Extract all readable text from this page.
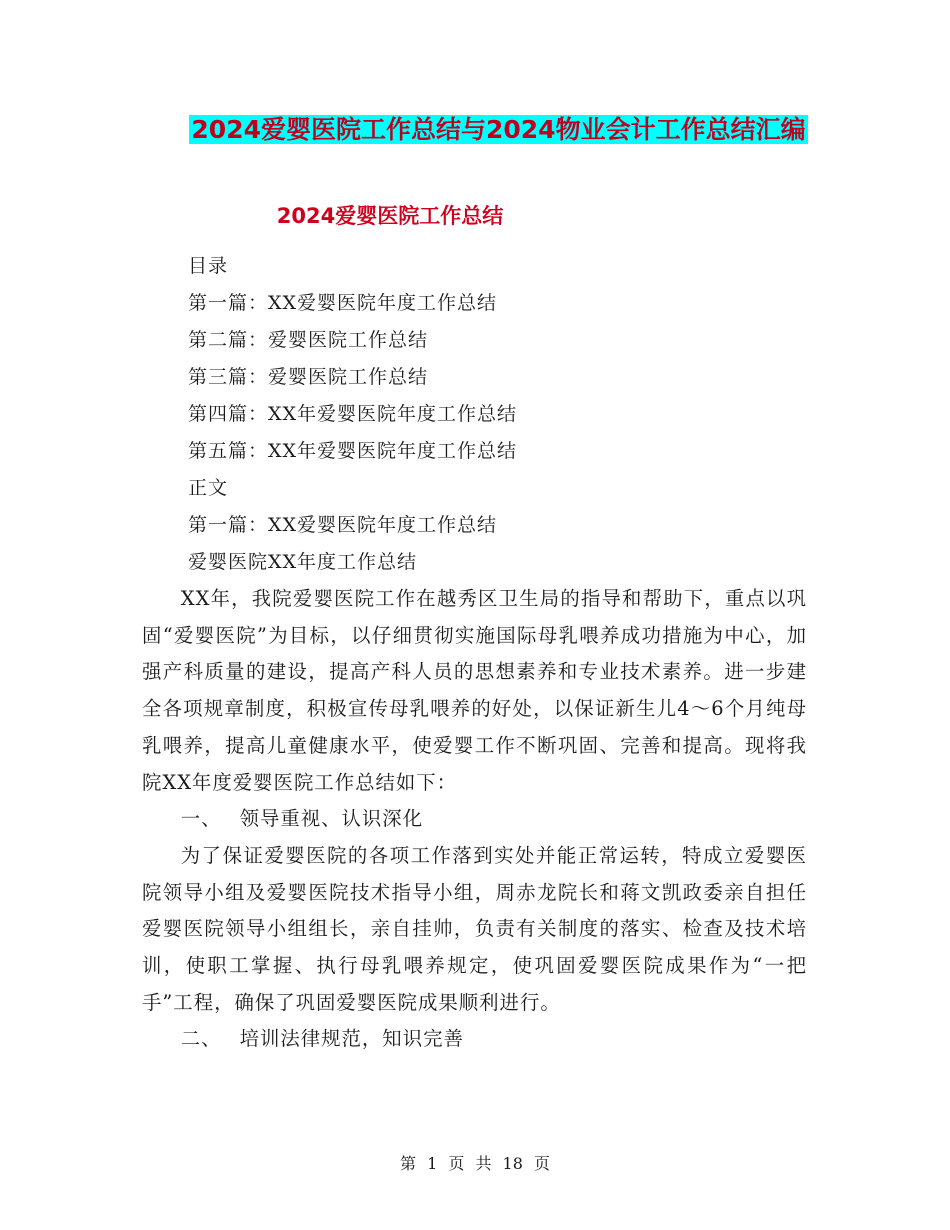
2024爱婴医院工作总结与2024物业会计工作总结汇编
2024爱婴医院工作总结
目录
第一篇：XX爱婴医院年度工作总结
第二篇：爱婴医院工作总结
第三篇：爱婴医院工作总结
第四篇：XX年爱婴医院年度工作总结
第五篇：XX年爱婴医院年度工作总结
正文
第一篇：XX爱婴医院年度工作总结
爱婴医院XX年度工作总结

XX年，我院爱婴医院工作在越秀区卫生局的指导和帮助下，重点以巩固“爱婴医院”为目标，以仔细贯彻实施国际母乳喂养成功措施为中心，加强产科质量的建设，提高产科人员的思想素养和专业技术素养。进一步建全各项规章制度，积极宣传母乳喂养的好处，以保证新生儿4～6个月纯母乳喂养，提高儿童健康水平，使爱婴工作不断巩固、完善和提高。现将我院XX年度爱婴医院工作总结如下：

一、 领导重视、认识深化

为了保证爱婴医院的各项工作落到实处并能正常运转，特成立爱婴医院领导小组及爱婴医院技术指导小组，周赤龙院长和蒋文凯政委亲自担任爱婴医院领导小组组长，亲自挂帅，负责有关制度的落实、检查及技术培训，使职工掌握、执行母乳喂养规定，使巩固爱婴医院成果作为“一把手”工程，确保了巩固爱婴医院成果顺利进行。

二、 培训法律规范，知识完善

第 1 页 共 18 页
